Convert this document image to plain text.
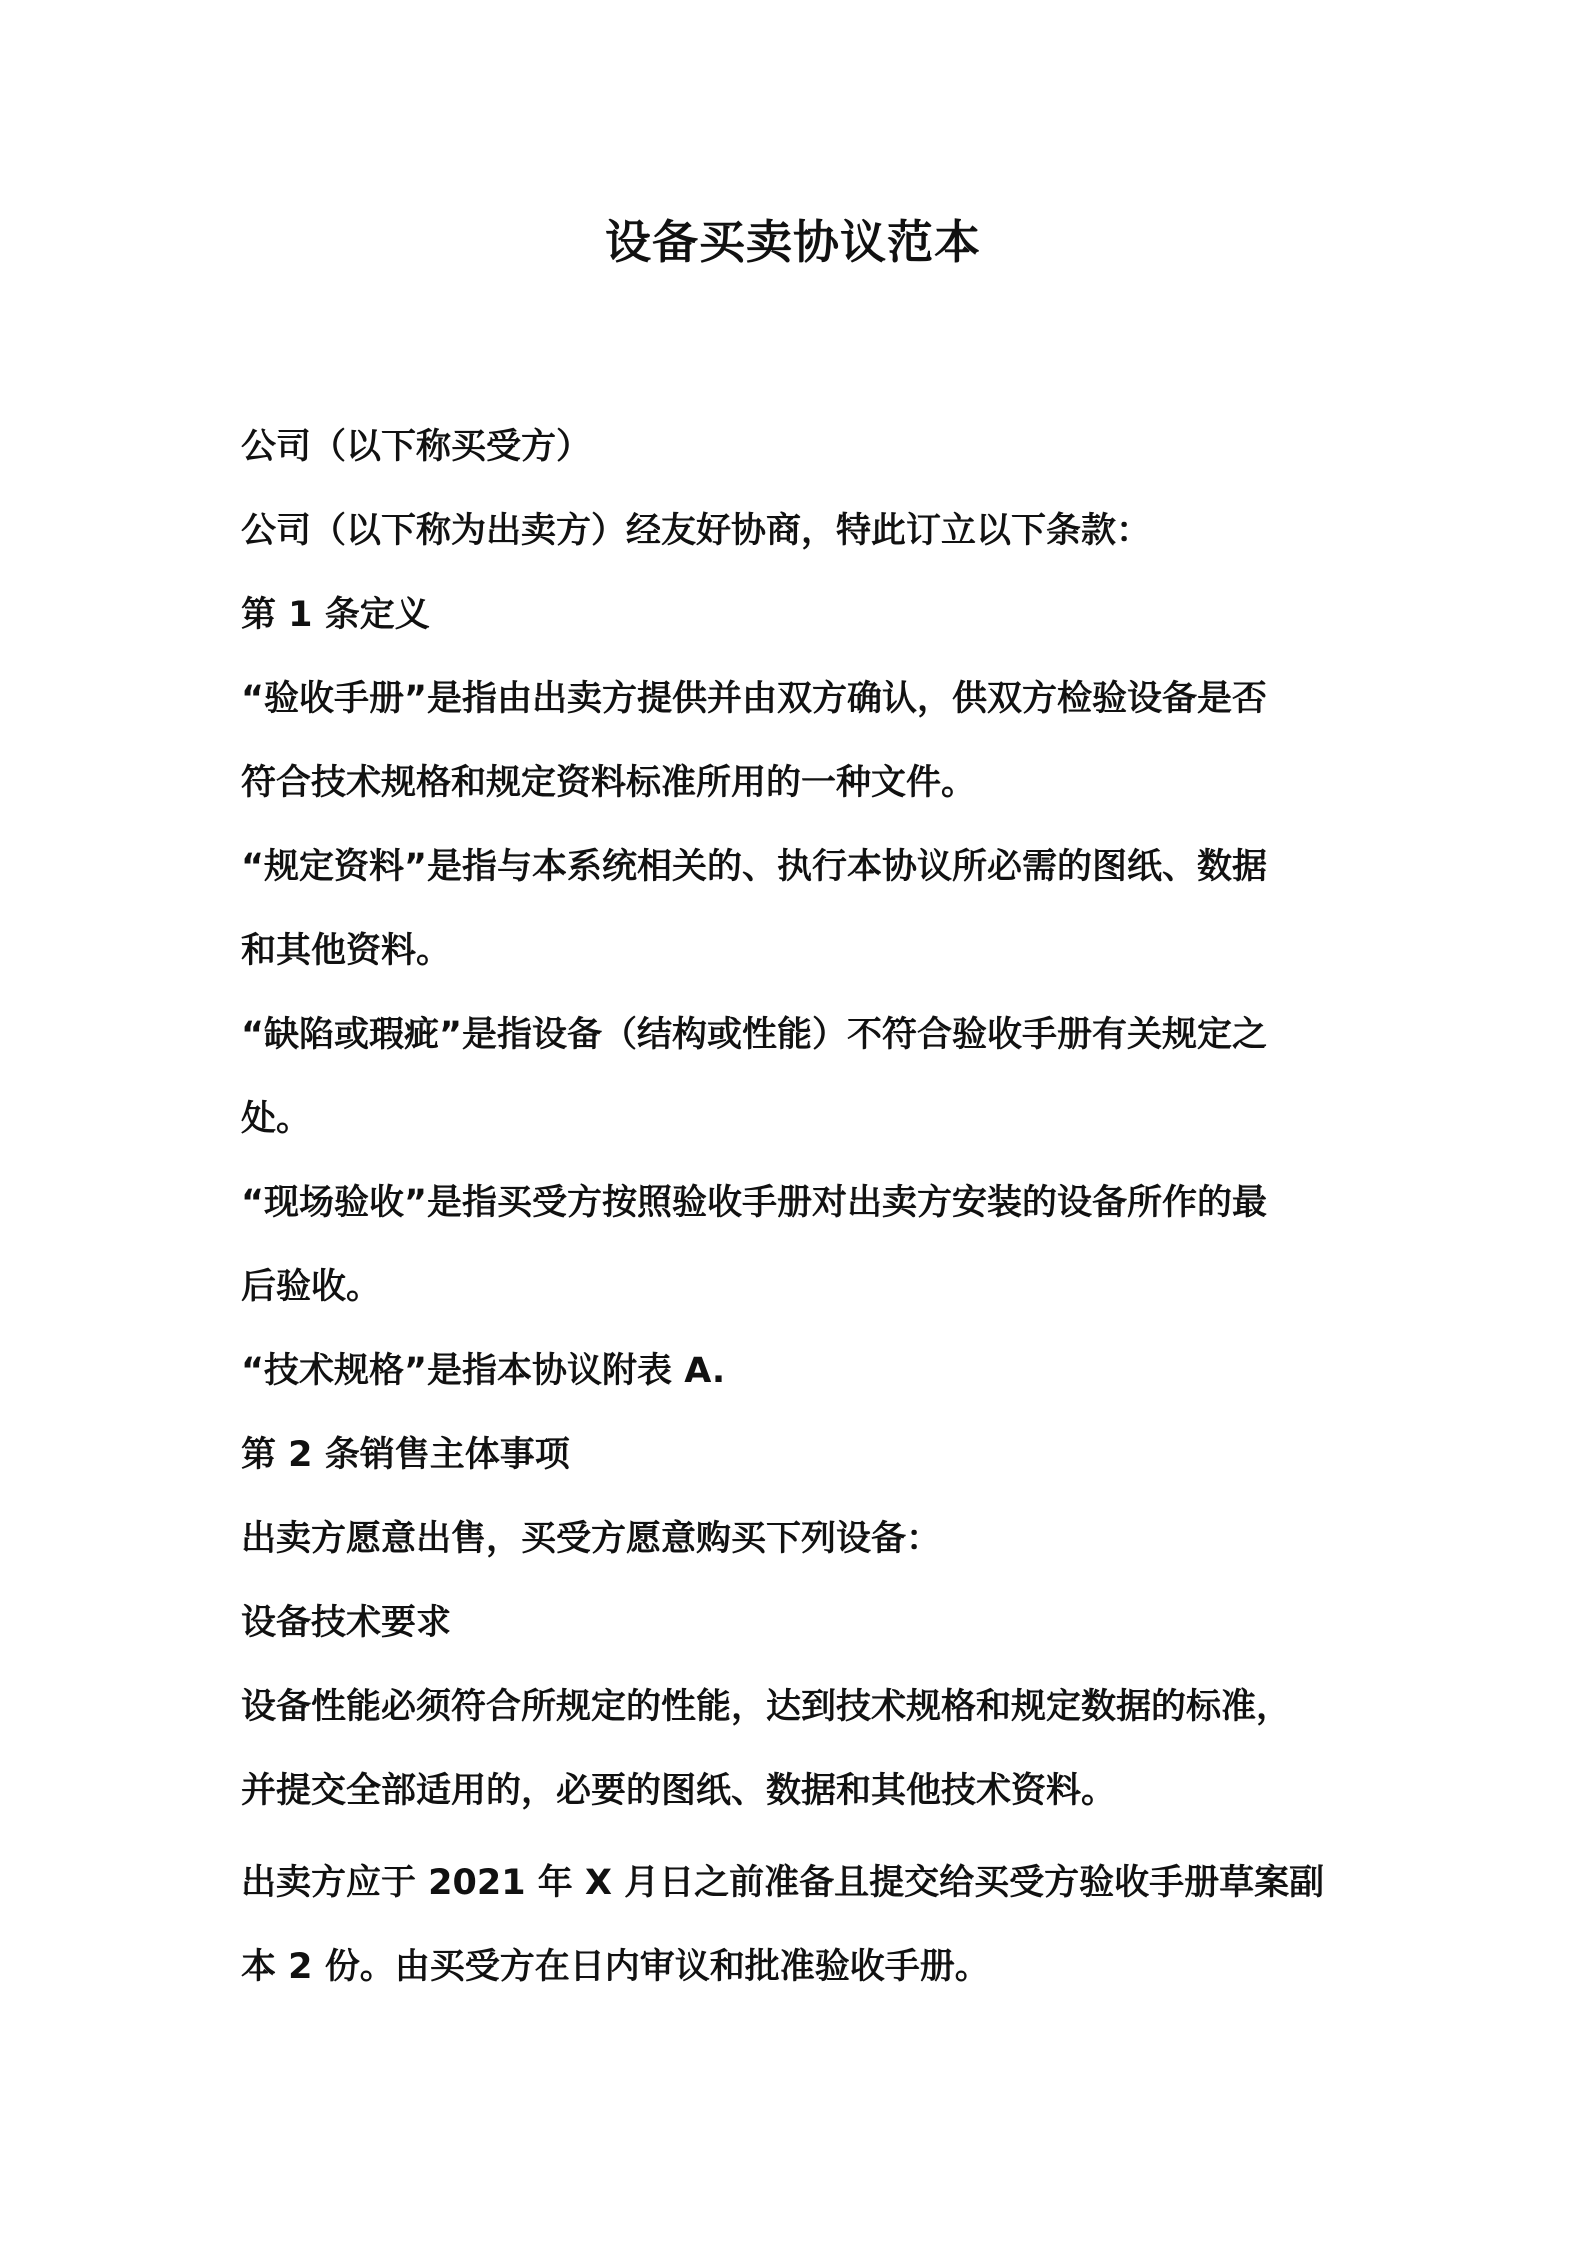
设备买卖协议范本
公司（以下称买受方）
公司（以下称为出卖方）经友好协商，特此订立以下条款：
第 1 条定义
“验收手册”是指由出卖方提供并由双方确认，供双方检验设备是否
符合技术规格和规定资料标准所用的一种文件。
“规定资料”是指与本系统相关的、执行本协议所必需的图纸、数据
和其他资料。
“缺陷或瑕疵”是指设备（结构或性能）不符合验收手册有关规定之
处。
“现场验收”是指买受方按照验收手册对出卖方安装的设备所作的最
后验收。
“技术规格”是指本协议附表 A.
第 2 条销售主体事项
出卖方愿意出售，买受方愿意购买下列设备：
设备技术要求
设备性能必须符合所规定的性能，达到技术规格和规定数据的标准，
并提交全部适用的，必要的图纸、数据和其他技术资料。
出卖方应于 2021 年 X 月日之前准备且提交给买受方验收手册草案副
本 2 份。由买受方在日内审议和批准验收手册。
